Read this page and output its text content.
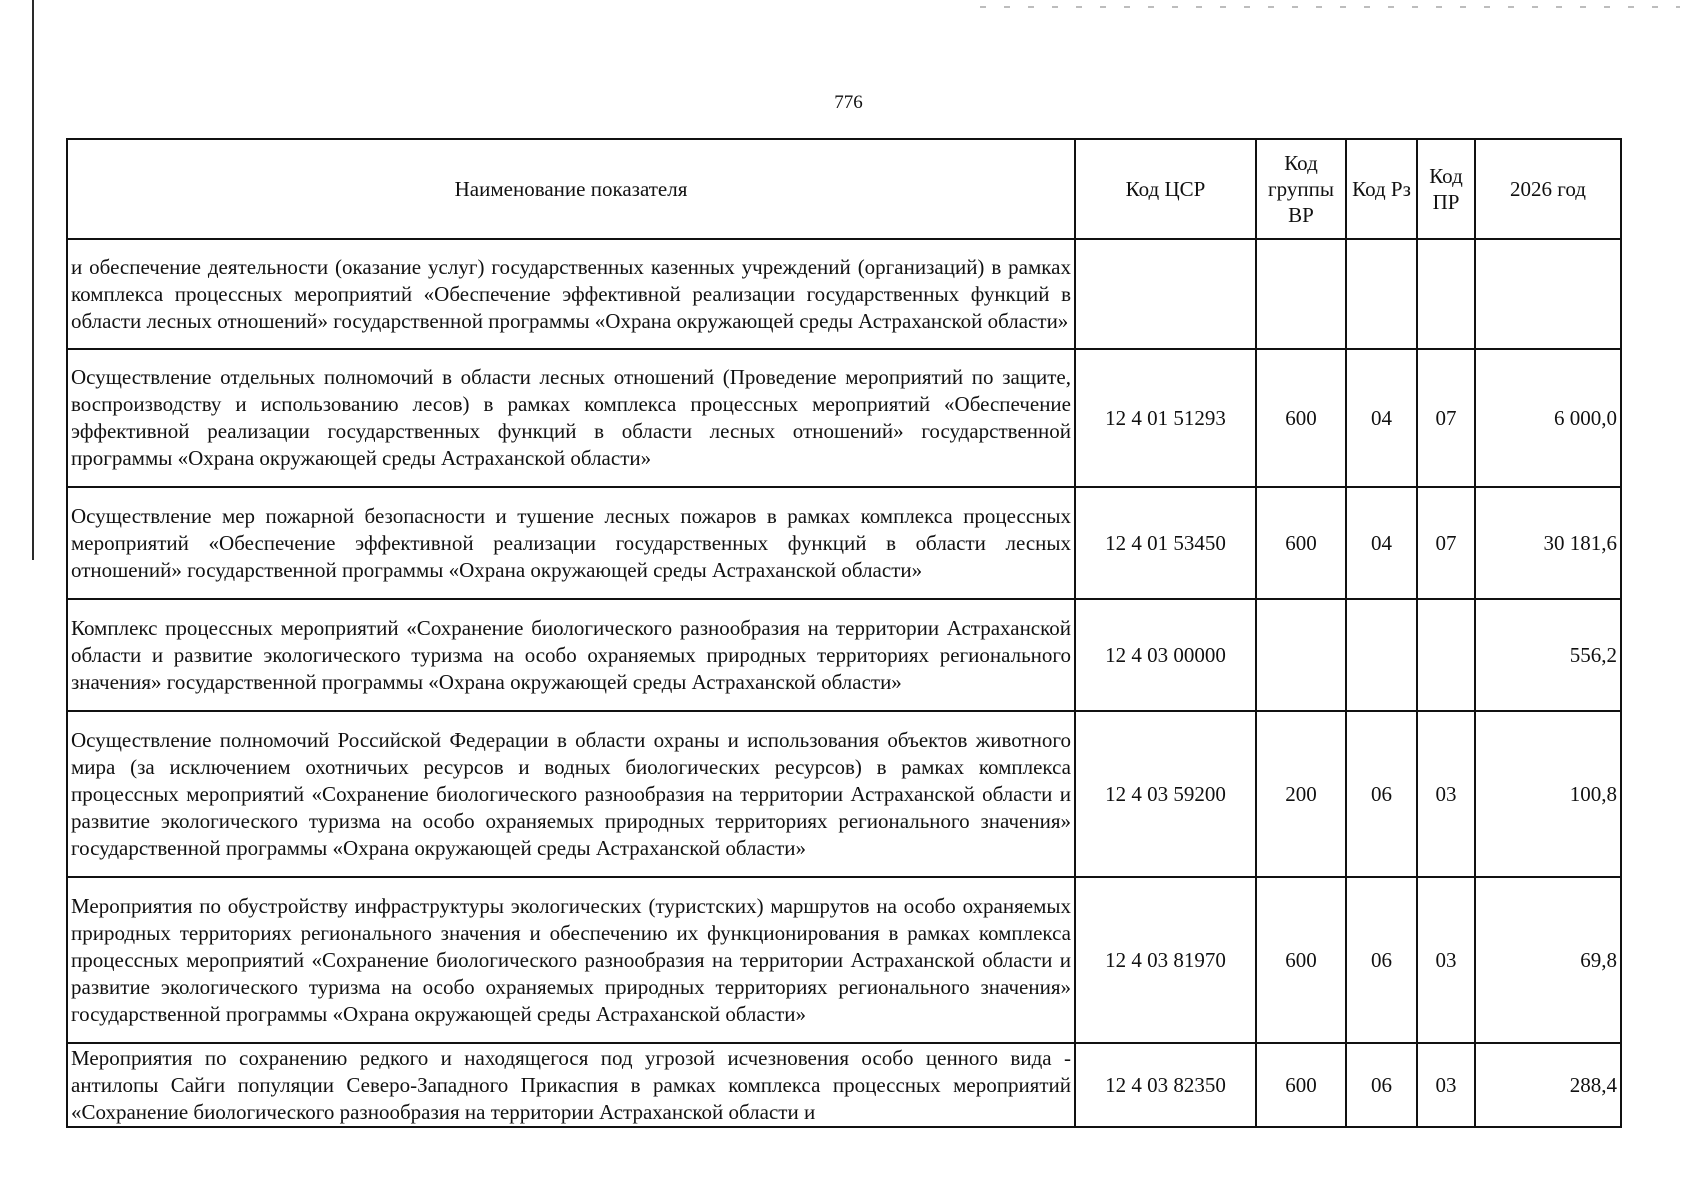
776
Наименование показателя	Код ЦСР	Код группы ВР	Код Рз	Код ПР	2026 год
и обеспечение деятельности (оказание услуг) государственных казенных учреждений (организаций) в рамках комплекса процессных мероприятий «Обеспечение эффективной реализации государственных функций в области лесных отношений» государственной программы «Охрана окружающей среды Астраханской области»					
Осуществление отдельных полномочий в области лесных отношений (Проведение мероприятий по защите, воспроизводству и использованию лесов) в рамках комплекса процессных мероприятий «Обеспечение эффективной реализации государственных функций в области лесных отношений» государственной программы «Охрана окружающей среды Астраханской области»	12 4 01 51293	600	04	07	6 000,0
Осуществление мер пожарной безопасности и тушение лесных пожаров в рамках комплекса процессных мероприятий «Обеспечение эффективной реализации государственных функций в области лесных отношений» государственной программы «Охрана окружающей среды Астраханской области»	12 4 01 53450	600	04	07	30 181,6
Комплекс процессных мероприятий «Сохранение биологического разнообразия на территории Астраханской области и развитие экологического туризма на особо охраняемых природных территориях регионального значения» государственной программы «Охрана окружающей среды Астраханской области»	12 4 03 00000				556,2
Осуществление полномочий Российской Федерации в области охраны и использования объектов животного мира (за исключением охотничьих ресурсов и водных биологических ресурсов) в рамках комплекса процессных мероприятий «Сохранение биологического разнообразия на территории Астраханской области и развитие экологического туризма на особо охраняемых природных территориях регионального значения» государственной программы «Охрана окружающей среды Астраханской области»	12 4 03 59200	200	06	03	100,8
Мероприятия по обустройству инфраструктуры экологических (туристских) маршрутов на особо охраняемых природных территориях регионального значения и обеспечению их функционирования в рамках комплекса процессных мероприятий «Сохранение биологического разнообразия на территории Астраханской области и развитие экологического туризма на особо охраняемых природных территориях регионального значения» государственной программы «Охрана окружающей среды Астраханской области»	12 4 03 81970	600	06	03	69,8
Мероприятия по сохранению редкого и находящегося под угрозой исчезновения особо ценного вида - антилопы Сайги популяции Северо-Западного Прикаспия в рамках комплекса процессных мероприятий «Сохранение биологического разнообразия на территории Астраханской области и	12 4 03 82350	600	06	03	288,4
